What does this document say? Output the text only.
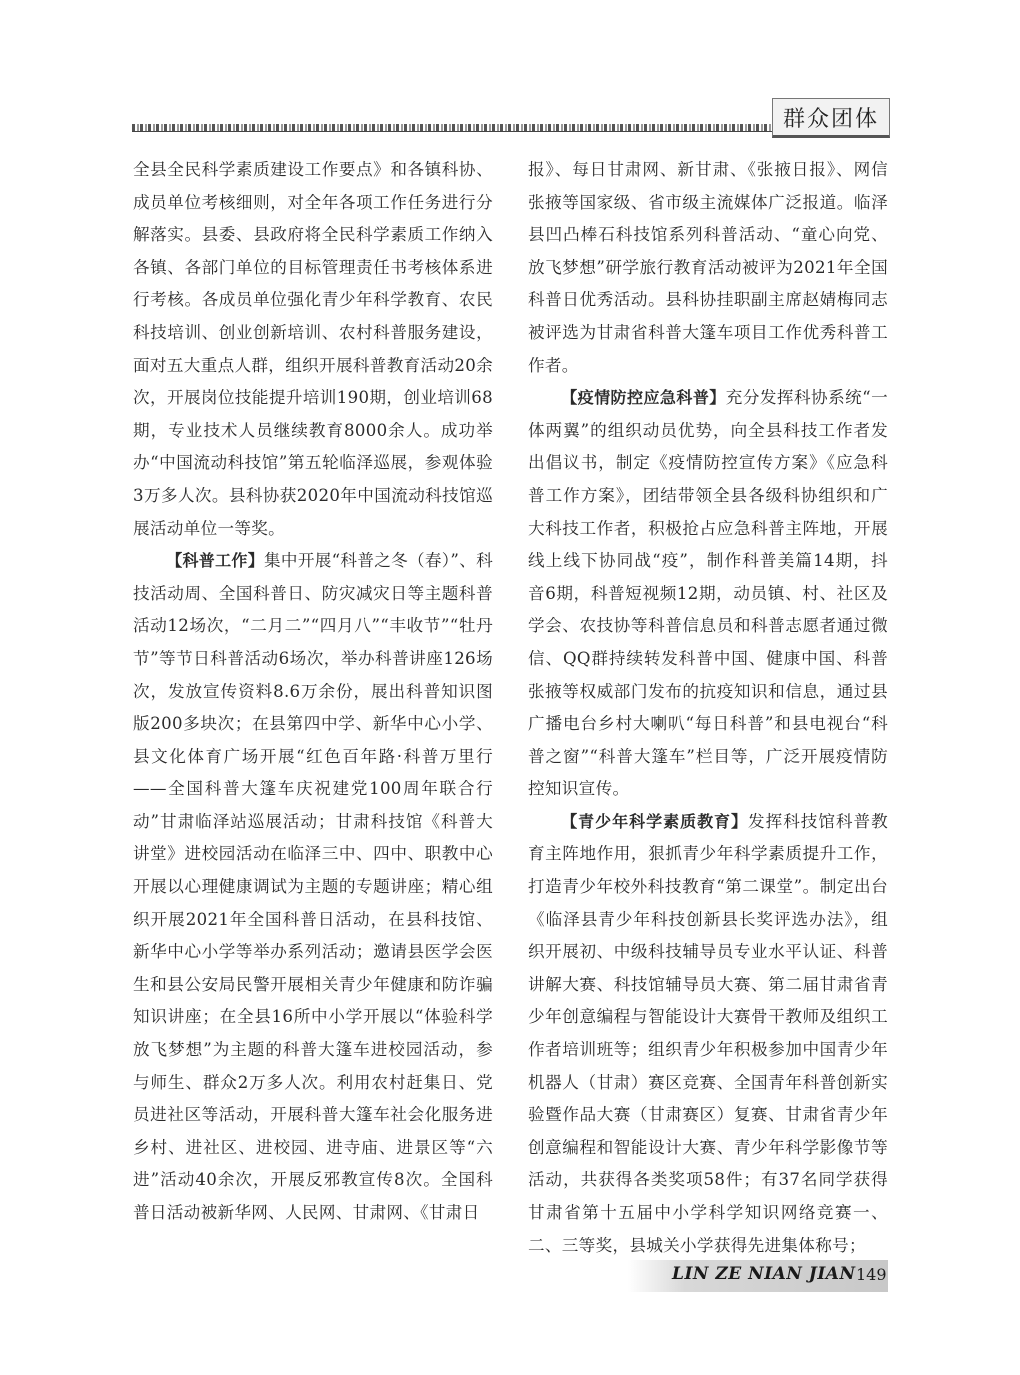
群众团体

全县全民科学素质建设工作要点》和各镇科协、成员单位考核细则，对全年各项工作任务进行分解落实。县委、县政府将全民科学素质工作纳入各镇、各部门单位的目标管理责任书考核体系进行考核。各成员单位强化青少年科学教育、农民科技培训、创业创新培训、农村科普服务建设，面对五大重点人群，组织开展科普教育活动20余次，开展岗位技能提升培训190期，创业培训68期，专业技术人员继续教育8000余人。成功举办“中国流动科技馆”第五轮临泽巡展，参观体验3万多人次。县科协获2020年中国流动科技馆巡展活动单位一等奖。

【科普工作】集中开展“科普之冬（春）”、科技活动周、全国科普日、防灾减灾日等主题科普活动12场次，“二月二”“四月八”“丰收节”“牡丹节”等节日科普活动6场次，举办科普讲座126场次，发放宣传资料8.6万余份，展出科普知识图版200多块次；在县第四中学、新华中心小学、县文化体育广场开展“红色百年路·科普万里行——全国科普大篷车庆祝建党100周年联合行动”甘肃临泽站巡展活动；甘肃科技馆《科普大讲堂》进校园活动在临泽三中、四中、职教中心开展以心理健康调试为主题的专题讲座；精心组织开展2021年全国科普日活动，在县科技馆、新华中心小学等举办系列活动；邀请县医学会医生和县公安局民警开展相关青少年健康和防诈骗知识讲座；在全县16所中小学开展以“体验科学　放飞梦想”为主题的科普大篷车进校园活动，参与师生、群众2万多人次。利用农村赶集日、党员进社区等活动，开展科普大篷车社会化服务进乡村、进社区、进校园、进寺庙、进景区等“六进”活动40余次，开展反邪教宣传8次。全国科普日活动被新华网、人民网、甘肃网、《甘肃日

报》、每日甘肃网、新甘肃、《张掖日报》、网信张掖等国家级、省市级主流媒体广泛报道。临泽县凹凸棒石科技馆系列科普活动、“童心向党、放飞梦想”研学旅行教育活动被评为2021年全国科普日优秀活动。县科协挂职副主席赵婧梅同志被评选为甘肃省科普大篷车项目工作优秀科普工作者。

【疫情防控应急科普】充分发挥科协系统“一体两翼”的组织动员优势，向全县科技工作者发出倡议书，制定《疫情防控宣传方案》《应急科普工作方案》，团结带领全县各级科协组织和广大科技工作者，积极抢占应急科普主阵地，开展线上线下协同战“疫”，制作科普美篇14期，抖音6期，科普短视频12期，动员镇、村、社区及学会、农技协等科普信息员和科普志愿者通过微信、QQ群持续转发科普中国、健康中国、科普张掖等权威部门发布的抗疫知识和信息，通过县广播电台乡村大喇叭“每日科普”和县电视台“科普之窗”“科普大篷车”栏目等，广泛开展疫情防控知识宣传。

【青少年科学素质教育】发挥科技馆科普教育主阵地作用，狠抓青少年科学素质提升工作，打造青少年校外科技教育“第二课堂”。制定出台《临泽县青少年科技创新县长奖评选办法》，组织开展初、中级科技辅导员专业水平认证、科普讲解大赛、科技馆辅导员大赛、第二届甘肃省青少年创意编程与智能设计大赛骨干教师及组织工作者培训班等；组织青少年积极参加中国青少年机器人（甘肃）赛区竞赛、全国青年科普创新实验暨作品大赛（甘肃赛区）复赛、甘肃省青少年创意编程和智能设计大赛、青少年科学影像节等活动，共获得各类奖项58件；有37名同学获得甘肃省第十五届中小学科学知识网络竞赛一、二、三等奖，县城关小学获得先进集体称号；

LIN ZE NIAN JIAN 149
